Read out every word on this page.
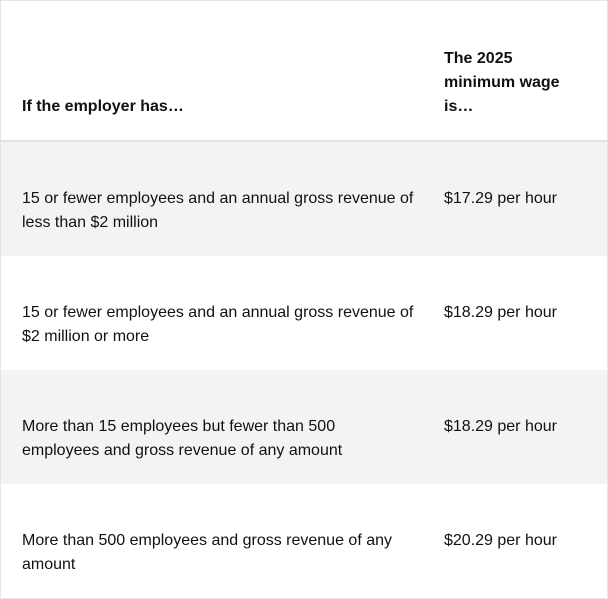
If the employer has…
The 2025
minimum wage
is…
15 or fewer employees and an annual gross revenue of less than $2 million
$17.29 per hour
15 or fewer employees and an annual gross revenue of $2 million or more
$18.29 per hour
More than 15 employees but fewer than 500 employees and gross revenue of any amount
$18.29 per hour
More than 500 employees and gross revenue of any amount
$20.29 per hour
